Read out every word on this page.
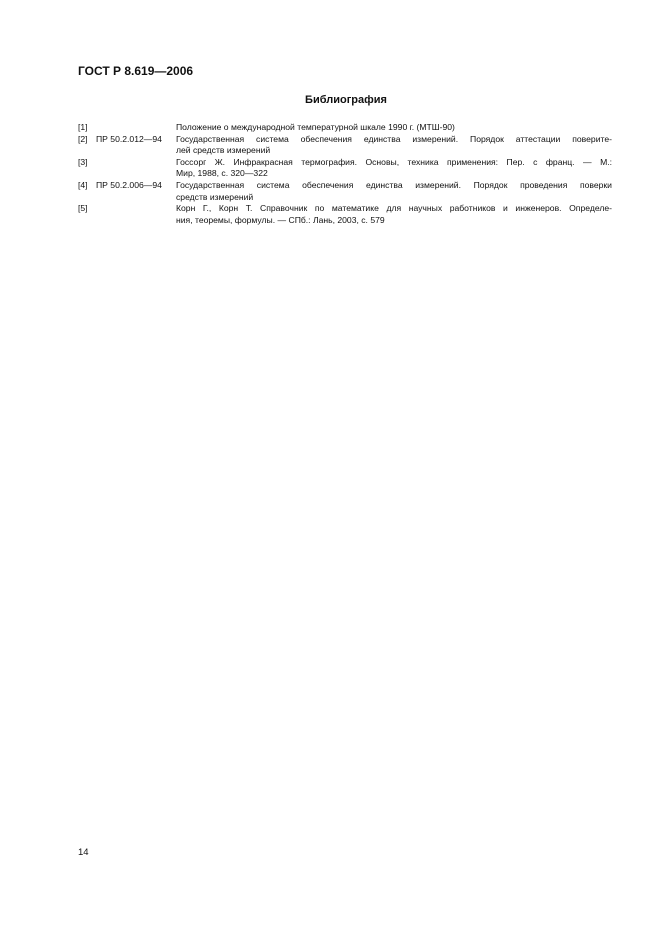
ГОСТ Р 8.619—2006
Библиография
[1]	Положение о международной температурной шкале 1990 г. (МТШ-90)
[2] ПР 50.2.012—94	Государственная система обеспечения единства измерений. Порядок аттестации поверите-
лей средств измерений
[3]	Госсорг Ж. Инфракрасная термография. Основы, техника применения: Пер. с франц. — М.:
Мир, 1988, с. 320—322
[4] ПР 50.2.006—94	Государственная система обеспечения единства измерений. Порядок проведения поверки
средств измерений
[5]	Корн Г., Корн Т. Справочник по математике для научных работников и инженеров. Определе-
ния, теоремы, формулы. — СПб.: Лань, 2003, с. 579
14
